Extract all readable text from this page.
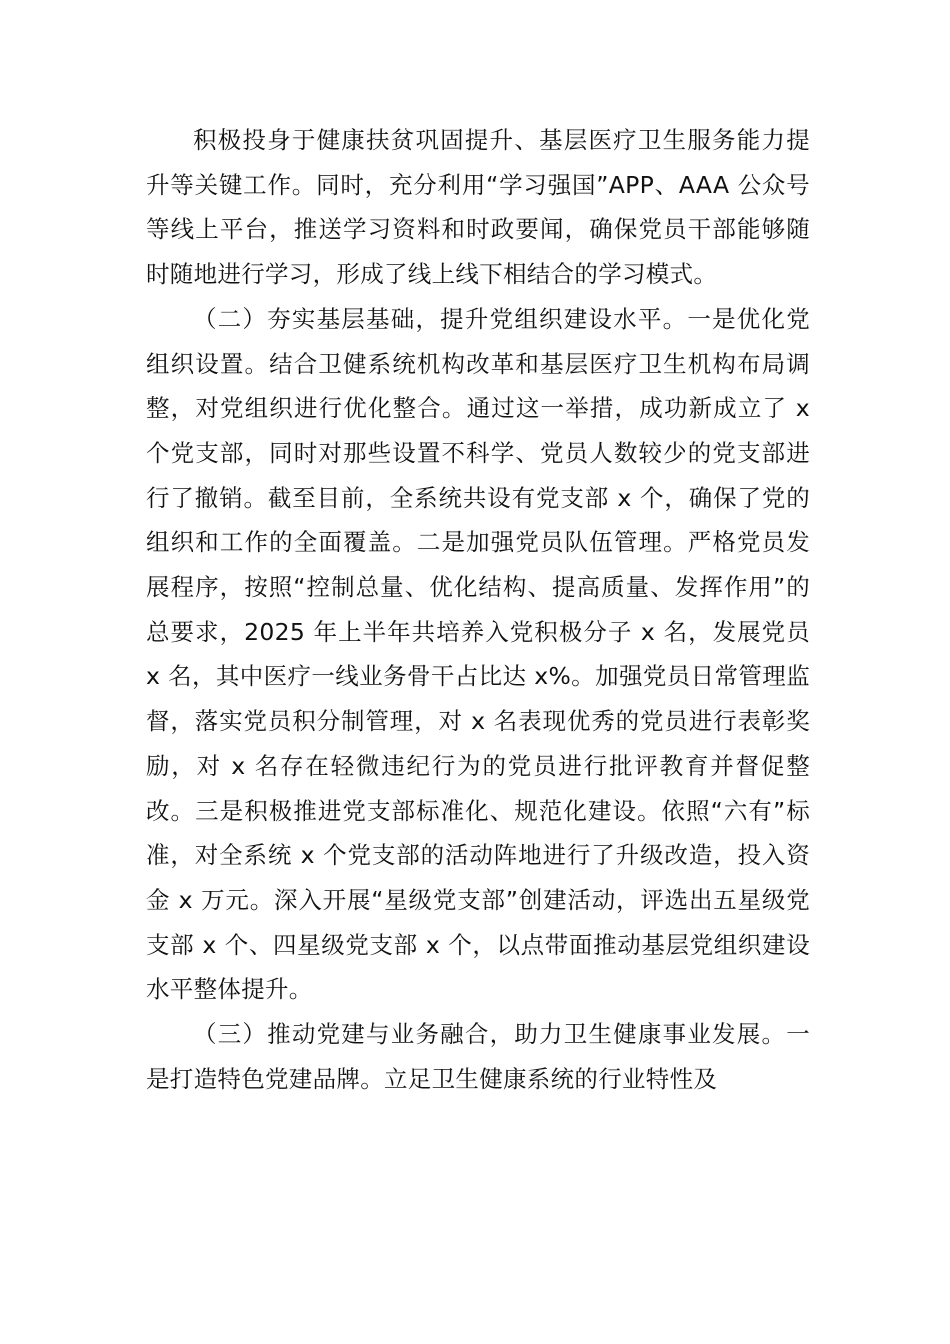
积极投身于健康扶贫巩固提升、基层医疗卫生服务能力提升等关键工作。同时，充分利用“学习强国”APP、AAA 公众号等线上平台，推送学习资料和时政要闻，确保党员干部能够随时随地进行学习，形成了线上线下相结合的学习模式。

（二）夯实基层基础，提升党组织建设水平。一是优化党组织设置。结合卫健系统机构改革和基层医疗卫生机构布局调整，对党组织进行优化整合。通过这一举措，成功新成立了 x 个党支部，同时对那些设置不科学、党员人数较少的党支部进行了撤销。截至目前，全系统共设有党支部 x 个，确保了党的组织和工作的全面覆盖。二是加强党员队伍管理。严格党员发展程序，按照“控制总量、优化结构、提高质量、发挥作用”的总要求，2025 年上半年共培养入党积极分子 x 名，发展党员 x 名，其中医疗一线业务骨干占比达 x%。加强党员日常管理监督，落实党员积分制管理，对 x 名表现优秀的党员进行表彰奖励，对 x 名存在轻微违纪行为的党员进行批评教育并督促整改。三是积极推进党支部标准化、规范化建设。依照“六有”标准，对全系统 x 个党支部的活动阵地进行了升级改造，投入资金 x 万元。深入开展“星级党支部”创建活动，评选出五星级党支部 x 个、四星级党支部 x 个，以点带面推动基层党组织建设水平整体提升。

（三）推动党建与业务融合，助力卫生健康事业发展。一是打造特色党建品牌。立足卫生健康系统的行业特性及
